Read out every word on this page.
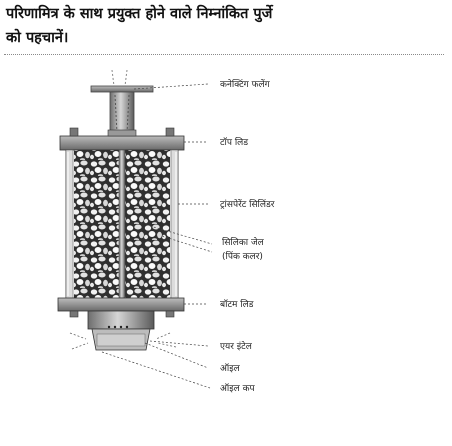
परिणामित्र के साथ प्रयुक्त होने वाले निम्नांकित पुर्जे
को पहचानें।
कनेक्टिंग फलेंग
टॉप लिड
ट्रांसपेरेंट सिलिंडर
सिलिका जेल
(पिंक कलर)
बॉटम लिड
एयर इंटेल
ऑइल
ऑइल कप
